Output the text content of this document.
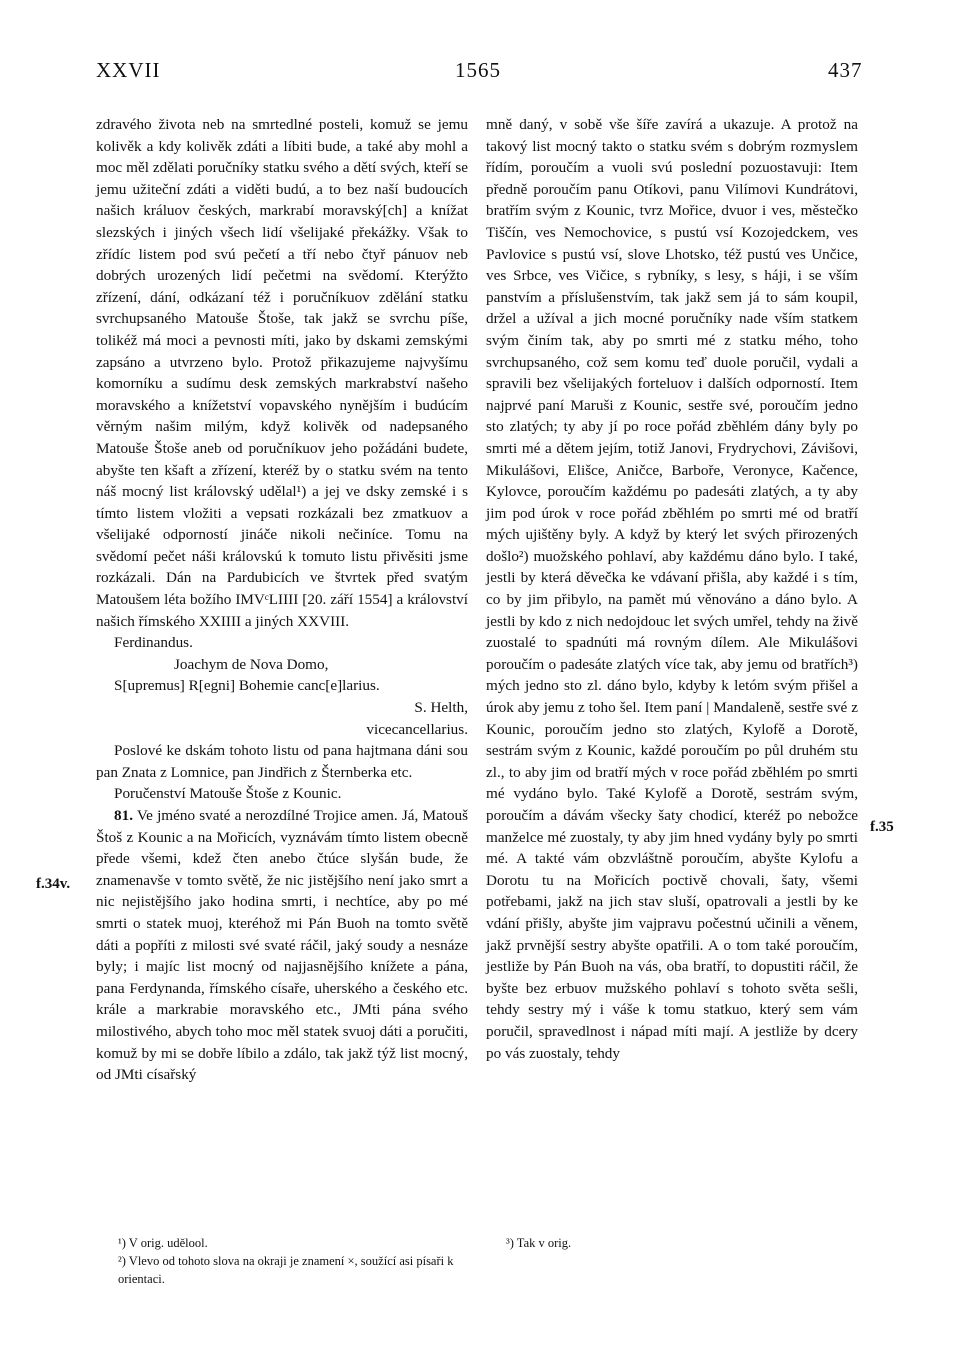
XXVII	1565	437

zdravého života neb na smrtedlné posteli, komuž se jemu kolivěk a kdy kolivěk zdáti a líbiti bude, a také aby mohl a moc měl zdělati poručníky statku svého a dětí svých, kteří se jemu užiteční zdáti a viděti budú, a to bez naší budoucích našich králuov českých, markrabí moravský[ch] a knížat slezských i jiných všech lidí všelijaké překážky. Však to zřídíc listem pod svú pečetí a tří nebo čtyř pánuov neb dobrých urozených lidí pečetmi na svědomí. Kterýžto zřízení, dání, odkázaní též i poručníkuov zdělání statku svrchupsaného Matouše Štoše, tak jakž se svrchu píše, tolikéž má moci a pevnosti míti, jako by dskami zemskými zapsáno a utvrzeno bylo. Protož přikazujeme najvyšímu komorníku a sudímu desk zemských markrabství našeho moravského a knížetství vopavského nynějším i budúcím věrným našim milým, když kolivěk od nadepsaného Matouše Štoše aneb od poručníkuov jeho požádáni budete, abyšte ten kšaft a zřízení, kteréž by o statku svém na tento náš mocný list královský udělal¹) a jej ve dsky zemské i s tímto listem vložiti a vepsati rozkázali bez zmatkuov a všelijaké odporností jináče nikoli nečiníce. Tomu na svědomí pečet náši královskú k tomuto listu přivěsiti jsme rozkázali. Dán na Pardubicích ve štvrtek před svatým Matoušem léta božího IMVᶜLIIII [20. září 1554] a království našich římského XXIIII a jiných XXVIII.

Ferdinandus.

Joachym de Nova Domo,

S[upremus] R[egni] Bohemie canc[e]larius.

S. Helth,

vicecancellarius.

Poslové ke dskám tohoto listu od pana hajtmana dáni sou pan Znata z Lomnice, pan Jindřich z Šternberka etc.

Poručenství Matouše Štoše z Kounic.

81. Ve jméno svaté a nerozdílné Trojice amen. Já, Matouš Štoš z Kounic a na Mořicích, vyznávám tímto listem obecně přede všemi, kdež čten anebo čtúce slyšán bude, že znamenavše v tomto světě, že nic jistějšího není jako smrt a nic nejistějšího jako hodina smrti, i nechtíce, aby po mé smrti o statek muoj, kteréhož mi Pán Buoh na tomto světě dáti a popříti z milosti své svaté ráčil, jaký soudy a nesnáze byly; i majíc list mocný od najjasnějšího knížete a pána, pana Ferdynanda, římského císaře, uherského a českého etc. krále a markrabie moravského etc., JMti pána svého milostivého, abych toho moc měl statek svuoj dáti a poručiti, komuž by mi se dobře líbilo a zdálo, tak jakž týž list mocný, od JMti císařský

mně daný, v sobě vše šíře zavírá a ukazuje. A protož na takový list mocný takto o statku svém s dobrým rozmyslem řídím, poroučím a vuoli svú poslední pozuostavuji: Item předně poroučím panu Otíkovi, panu Vilímovi Kundrátovi, bratřím svým z Kounic, tvrz Mořice, dvuor i ves, městečko Tiščín, ves Nemochovice, s pustú vsí Kozojedckem, ves Pavlovice s pustú vsí, slove Lhotsko, též pustú ves Unčice, ves Srbce, ves Vičice, s rybníky, s lesy, s háji, i se vším panstvím a příslušenstvím, tak jakž sem já to sám koupil, držel a užíval a jich mocné poručníky nade vším statkem svým činím tak, aby po smrti mé z statku mého, toho svrchupsaného, což sem komu teď duole poručil, vydali a spravili bez všelijakých forteluov i dalších odporností. Item najprvé paní Maruši z Kounic, sestře své, poroučím jedno sto zlatých; ty aby jí po roce pořád zběhlém dány byly po smrti mé a dětem jejím, totiž Janovi, Frydrychovi, Závišovi, Mikulášovi, Elišce, Aničce, Barboře, Veronyce, Kačence, Kylovce, poroučím každému po padesáti zlatých, a ty aby jim pod úrok v roce pořád zběhlém po smrti mé od bratří mých ujištěny byly. A když by který let svých přirozených došlo²) muožského pohlaví, aby každému dáno bylo. I také, jestli by která děvečka ke vdávaní přišla, aby každé i s tím, co by jim přibylo, na pamět mú věnováno a dáno bylo. A jestli by kdo z nich nedojdouc let svých umřel, tehdy na živě zuostalé to spadnúti má rovným dílem. Ale Mikulášovi poroučím o padesáte zlatých více tak, aby jemu od bratřích³) mých jedno sto zl. dáno bylo, kdyby k letóm svým přišel a úrok aby jemu z toho šel. Item paní | Mandaleně, sestře své z Kounic, poroučím jedno sto zlatých, Kylofě a Dorotě, sestrám svým z Kounic, každé poroučím po půl druhém stu zl., to aby jim od bratří mých v roce pořád zběhlém po smrti mé vydáno bylo. Také Kylofě a Dorotě, sestrám svým, poroučím a dávám všecky šaty chodicí, kteréž po nebožce manželce mé zuostaly, ty aby jim hned vydány byly po smrti mé. A takté vám obzvláštně poroučím, abyšte Kylofu a Dorotu tu na Mořicích poctivě chovali, šaty, všemi potřebami, jakž na jich stav sluší, opatrovali a jestli by ke vdání přišly, abyšte jim vajpravu počestnú učinili a věnem, jakž prvnější sestry abyšte opatřili. A o tom také poroučím, jestliže by Pán Buoh na vás, oba bratří, to dopustiti ráčil, že byšte bez erbuov mužského pohlaví s tohoto světa sešli, tehdy sestry mý i váše k tomu statkuo, který sem vám poručil, spravedlnost i nápad míti mají. A jestliže by dcery po vás zuostaly, tehdy

f.34v.
f.35
¹) V orig. udělool.
²) Vlevo od tohoto slova na okraji je znamení ×, soužící asi písaři k orientaci.
³) Tak v orig.
